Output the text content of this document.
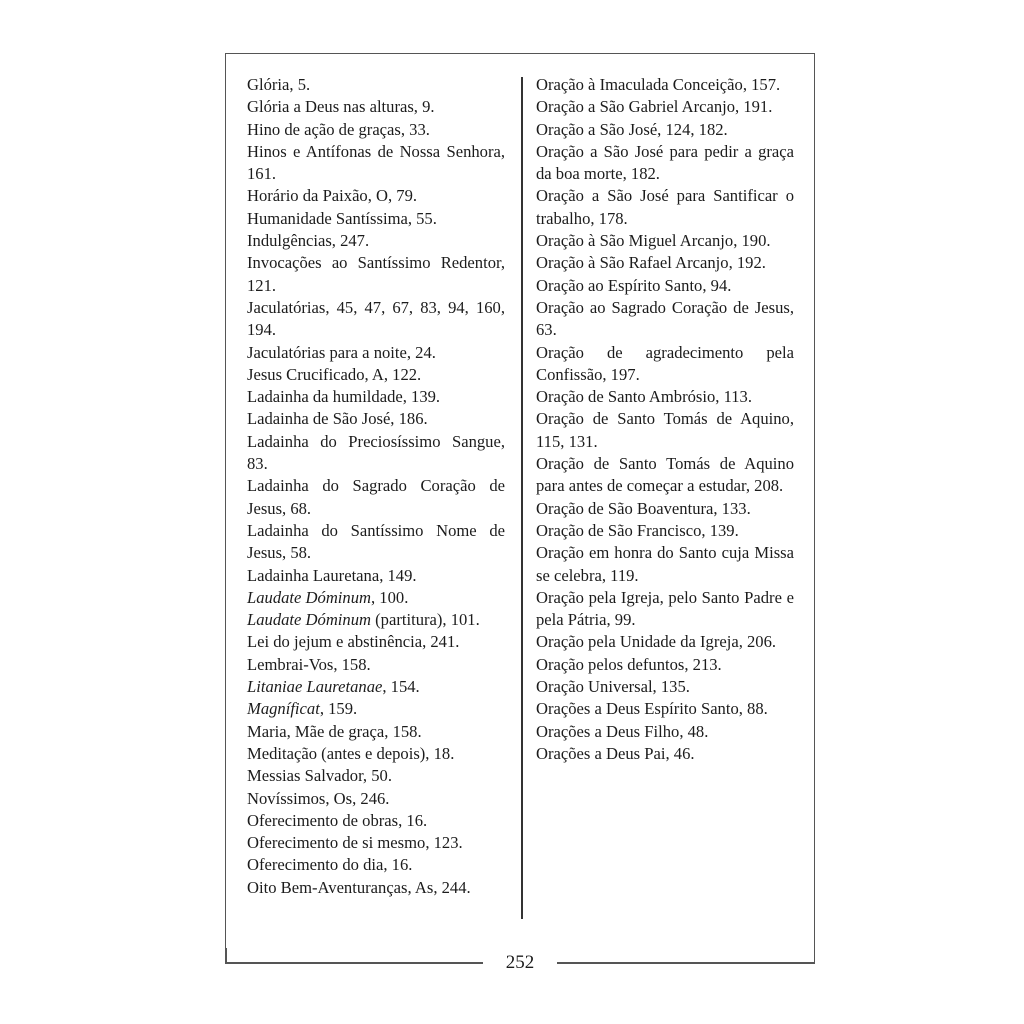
Glória, 5.

Glória a Deus nas alturas, 9.

Hino de ação de graças, 33.

Hinos e Antífonas de Nossa Senhora, 161.

Horário da Paixão, O, 79.

Humanidade Santíssima, 55.

Indulgências, 247.

Invocações ao Santíssimo Redentor, 121.

Jaculatórias, 45, 47, 67, 83, 94, 160, 194.

Jaculatórias para a noite, 24.

Jesus Crucificado, A, 122.

Ladainha da humildade, 139.

Ladainha de São José, 186.

Ladainha do Preciosíssimo Sangue, 83.

Ladainha do Sagrado Coração de Jesus, 68.

Ladainha do Santíssimo Nome de Jesus, 58.

Ladainha Lauretana, 149.

Laudate Dóminum, 100.

Laudate Dóminum (partitura), 101.

Lei do jejum e abstinência, 241.

Lembrai-Vos, 158.

Litaniae Lauretanae, 154.

Magníficat, 159.

Maria, Mãe de graça, 158.

Meditação (antes e depois), 18.

Messias Salvador, 50.

Novíssimos, Os, 246.

Oferecimento de obras, 16.

Oferecimento de si mesmo, 123.

Oferecimento do dia, 16.

Oito Bem-Aventuranças, As, 244.

Oração à Imaculada Conceição, 157.

Oração a São Gabriel Arcanjo, 191.

Oração a São José, 124, 182.

Oração a São José para pedir a graça da boa morte, 182.

Oração a São José para Santificar o trabalho, 178.

Oração à São Miguel Arcanjo, 190.

Oração à São Rafael Arcanjo, 192.

Oração ao Espírito Santo, 94.

Oração ao Sagrado Coração de Jesus, 63.

Oração de agradecimento pela Confissão, 197.

Oração de Santo Ambrósio, 113.

Oração de Santo Tomás de Aquino, 115, 131.

Oração de Santo Tomás de Aquino para antes de começar a estudar, 208.

Oração de São Boaventura, 133.

Oração de São Francisco, 139.

Oração em honra do Santo cuja Missa se celebra, 119.

Oração pela Igreja, pelo Santo Padre e pela Pátria, 99.

Oração pela Unidade da Igreja, 206.

Oração pelos defuntos, 213.

Oração Universal, 135.

Orações a Deus Espírito Santo, 88.

Orações a Deus Filho, 48.

Orações a Deus Pai, 46.

252
